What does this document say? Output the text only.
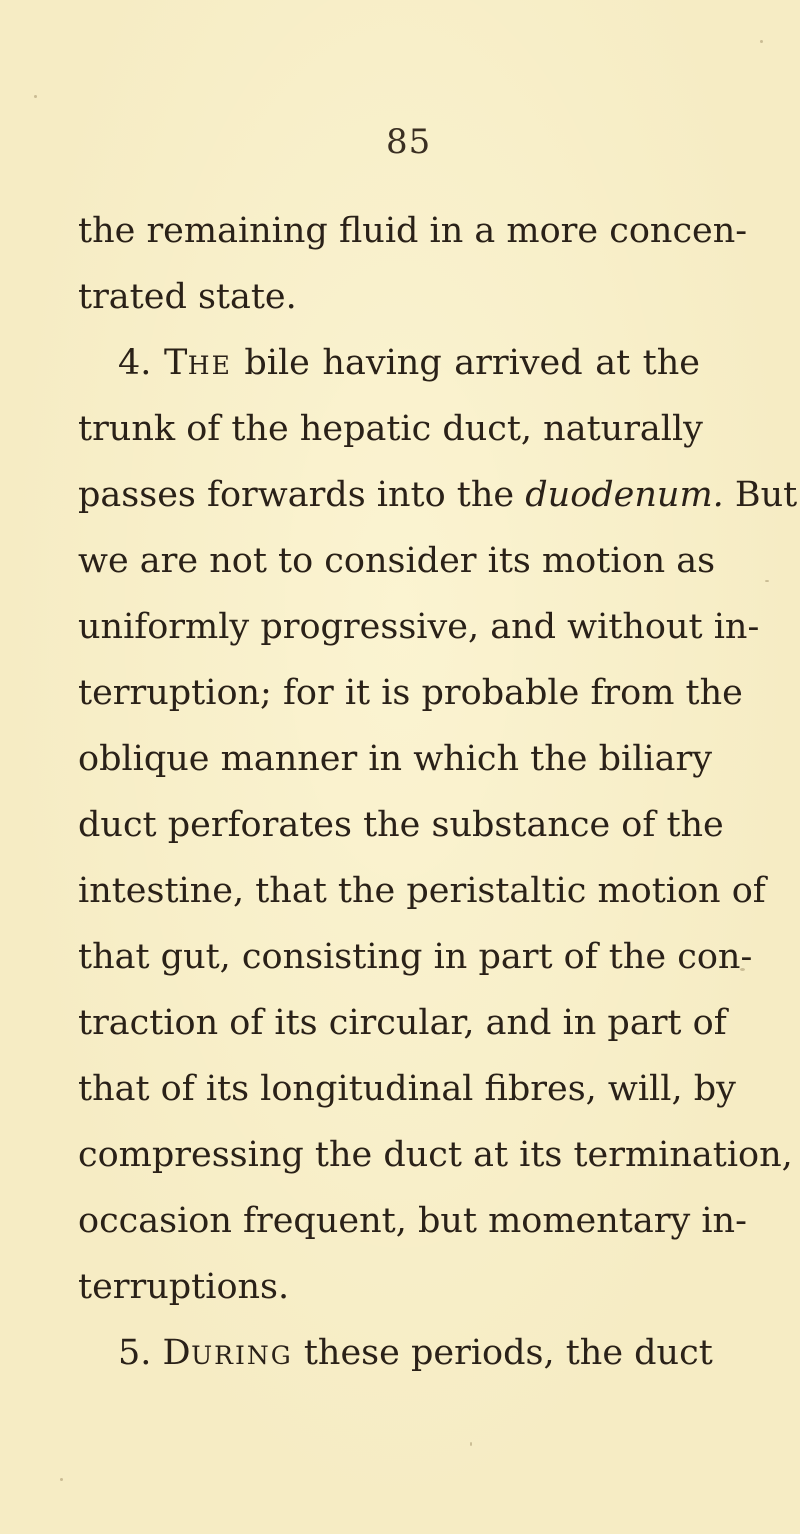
85
the remaining fluid in a more concen-
trated state.
4. The bile having arrived at the
trunk of the hepatic duct, naturally
passes forwards into the duodenum. But
we are not to consider its motion as
uniformly progressive, and without in-
terruption; for it is probable from the
oblique manner in which the biliary
duct perforates the substance of the
intestine, that the peristaltic motion of
that gut, consisting in part of the con-
traction of its circular, and in part of
that of its longitudinal fibres, will, by
compressing the duct at its termination,
occasion frequent, but momentary in-
terruptions.
5. During these periods, the duct
